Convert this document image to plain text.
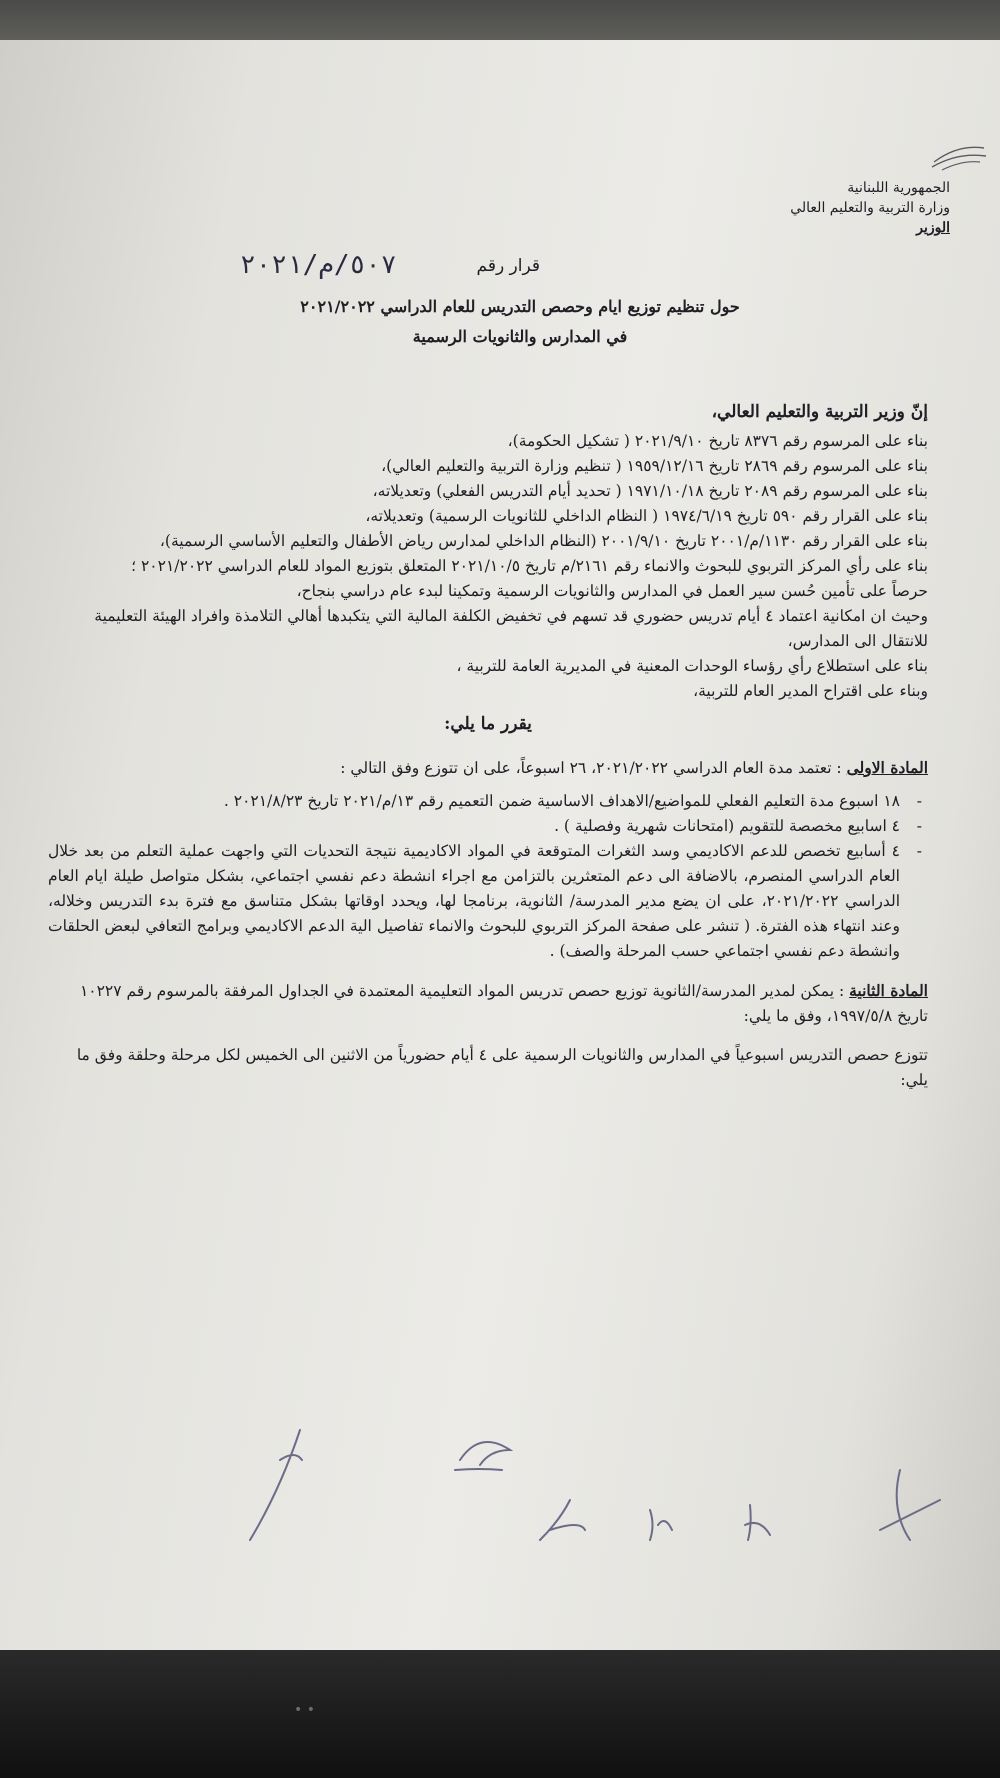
الجمهورية اللبنانية
وزارة التربية والتعليم العالي
الوزير
قرار رقم
٥٠٧/م/٢٠٢١
حول تنظيم توزيع ايام وحصص التدريس للعام الدراسي ٢٠٢١/٢٠٢٢
في المدارس والثانويات الرسمية

إنّ وزير التربية والتعليم العالي،

بناء على المرسوم رقم ٨٣٧٦ تاريخ ٢٠٢١/٩/١٠ ( تشكيل الحكومة)،

بناء على المرسوم رقم ٢٨٦٩ تاريخ ١٩٥٩/١٢/١٦ ( تنظيم وزارة التربية والتعليم العالي)،

بناء على المرسوم رقم ٢٠٨٩ تاريخ ١٩٧١/١٠/١٨ ( تحديد أيام التدريس الفعلي) وتعديلاته،

بناء على القرار رقم ٥٩٠ تاريخ ١٩٧٤/٦/١٩ ( النظام الداخلي للثانويات الرسمية) وتعديلاته،

بناء على القرار رقم ١١٣٠/م/٢٠٠١ تاريخ ٢٠٠١/٩/١٠ (النظام الداخلي لمدارس رياض الأطفال والتعليم الأساسي الرسمية)،

بناء على رأي المركز التربوي للبحوث والانماء رقم ٢١٦١/م تاريخ ٢٠٢١/١٠/٥ المتعلق بتوزيع المواد للعام الدراسي ٢٠٢١/٢٠٢٢ ؛

حرصاً على تأمين حُسن سير العمل في المدارس والثانويات الرسمية وتمكينا لبدء عام دراسي بنجاح،

وحيث ان امكانية اعتماد ٤ أيام تدريس حضوري قد تسهم في تخفيض الكلفة المالية التي يتكبدها أهالي التلامذة وافراد الهيئة التعليمية للانتقال الى المدارس،

بناء على استطلاع رأي رؤساء الوحدات المعنية في المديرية العامة للتربية ،

وبناء على اقتراح المدير العام للتربية،

يقرر ما يلي:

المادة الاولى : تعتمد مدة العام الدراسي ٢٠٢١/٢٠٢٢، ٢٦ اسبوعاً، على ان تتوزع وفق التالي :

- ١٨ اسبوع مدة التعليم الفعلي للمواضيع/الاهداف الاساسية ضمن التعميم رقم ١٣/م/٢٠٢١ تاريخ ٢٠٢١/٨/٢٣ .
- ٤ اسابيع مخصصة للتقويم (امتحانات شهرية وفصلية ) .
- ٤ أسابيع تخصص للدعم الاكاديمي وسد الثغرات المتوقعة في المواد الاكاديمية نتيجة التحديات التي واجهت عملية التعلم من بعد خلال العام الدراسي المنصرم، بالاضافة الى دعم المتعثرين بالتزامن مع اجراء انشطة دعم نفسي اجتماعي، بشكل متواصل طيلة ايام العام الدراسي ٢٠٢١/٢٠٢٢، على ان يضع مدير المدرسة/ الثانوية، برنامجا لها، ويحدد اوقاتها بشكل متناسق مع فترة بدء التدريس وخلاله، وعند انتهاء هذه الفترة. ( تنشر على صفحة المركز التربوي للبحوث والانماء تفاصيل الية الدعم الاكاديمي وبرامج التعافي لبعض الحلقات وانشطة دعم نفسي اجتماعي حسب المرحلة والصف) .

المادة الثانية : يمكن لمدير المدرسة/الثانوية توزيع حصص تدريس المواد التعليمية المعتمدة في الجداول المرفقة بالمرسوم رقم ١٠٢٢٧ تاريخ ١٩٩٧/٥/٨، وفق ما يلي:

تتوزع حصص التدريس اسبوعياً في المدارس والثانويات الرسمية على ٤ أيام حضورياً من الاثنين الى الخميس لكل مرحلة وحلقة وفق ما يلي:

• •
